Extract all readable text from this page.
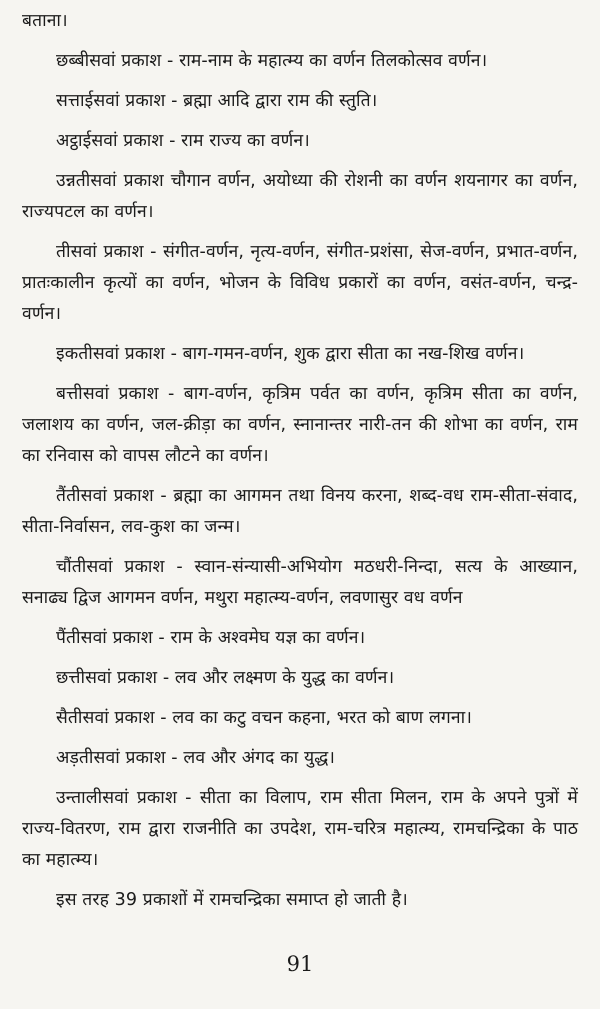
बताना।

छब्बीसवां प्रकाश - राम-नाम के महात्म्य का वर्णन तिलकोत्सव वर्णन।

सत्ताईसवां प्रकाश - ब्रह्मा आदि द्वारा राम की स्तुति।

अट्ठाईसवां प्रकाश - राम राज्य का वर्णन।

उन्नतीसवां प्रकाश चौगान वर्णन, अयोध्या की रोशनी का वर्णन शयनागर का वर्णन, राज्यपटल का वर्णन।

तीसवां प्रकाश - संगीत-वर्णन, नृत्य-वर्णन, संगीत-प्रशंसा, सेज-वर्णन, प्रभात-वर्णन, प्रातःकालीन कृत्यों का वर्णन, भोजन के विविध प्रकारों का वर्णन, वसंत-वर्णन, चन्द्र-वर्णन।

इकतीसवां प्रकाश - बाग-गमन-वर्णन, शुक द्वारा सीता का नख-शिख वर्णन।

बत्तीसवां प्रकाश - बाग-वर्णन, कृत्रिम पर्वत का वर्णन, कृत्रिम सीता का वर्णन, जलाशय का वर्णन, जल-क्रीड़ा का वर्णन, स्नानान्तर नारी-तन की शोभा का वर्णन, राम का रनिवास को वापस लौटने का वर्णन।

तैंतीसवां प्रकाश - ब्रह्मा का आगमन तथा विनय करना, शब्द-वध राम-सीता-संवाद, सीता-निर्वासन, लव-कुश का जन्म।

चौंतीसवां प्रकाश - स्वान-संन्यासी-अभियोग मठधरी-निन्दा, सत्य के आख्यान, सनाढ्य द्विज आगमन वर्णन, मथुरा महात्म्य-वर्णन, लवणासुर वध वर्णन

पैंतीसवां प्रकाश - राम के अश्वमेघ यज्ञ का वर्णन।

छत्तीसवां प्रकाश - लव और लक्ष्मण के युद्ध का वर्णन।

सैतीसवां प्रकाश - लव का कटु वचन कहना, भरत को बाण लगना।

अड़तीसवां प्रकाश - लव और अंगद का युद्ध।

उन्तालीसवां प्रकाश - सीता का विलाप, राम सीता मिलन, राम के अपने पुत्रों में राज्य-वितरण, राम द्वारा राजनीति का उपदेश, राम-चरित्र महात्म्य, रामचन्द्रिका के पाठ का महात्म्य।

इस तरह 39 प्रकाशों में रामचन्द्रिका समाप्त हो जाती है।

91
